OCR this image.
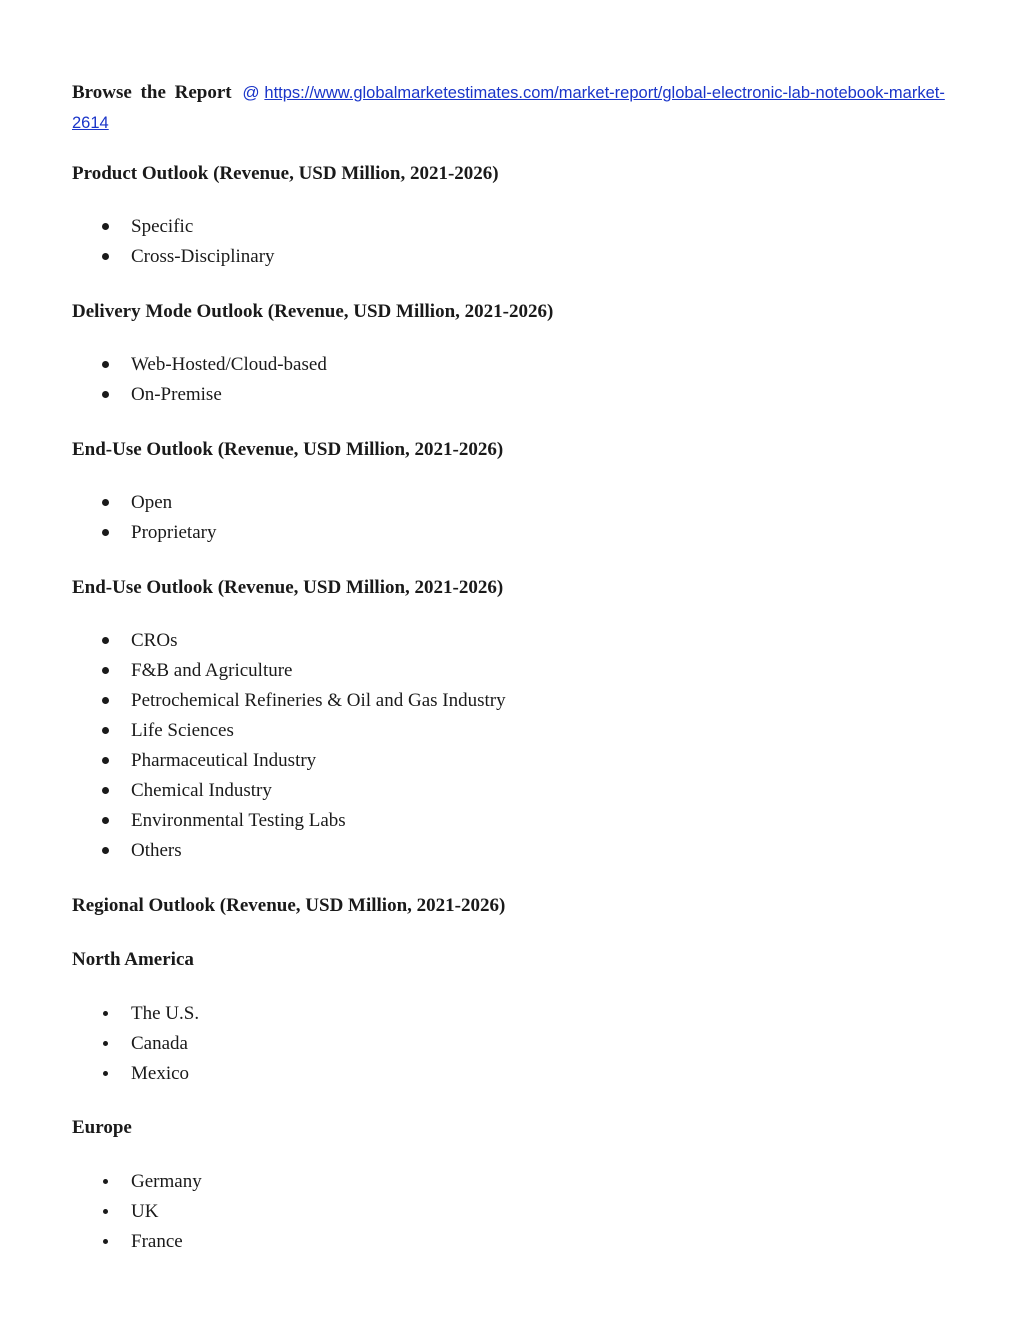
Browse the Report @ https://www.globalmarketestimates.com/market-report/global-electronic-lab-notebook-market-2614
Product Outlook (Revenue, USD Million, 2021-2026)
Specific
Cross-Disciplinary
Delivery Mode Outlook (Revenue, USD Million, 2021-2026)
Web-Hosted/Cloud-based
On-Premise
End-Use Outlook (Revenue, USD Million, 2021-2026)
Open
Proprietary
End-Use Outlook (Revenue, USD Million, 2021-2026)
CROs
F&B and Agriculture
Petrochemical Refineries & Oil and Gas Industry
Life Sciences
Pharmaceutical Industry
Chemical Industry
Environmental Testing Labs
Others
Regional Outlook (Revenue, USD Million, 2021-2026)
North America
The U.S.
Canada
Mexico
Europe
Germany
UK
France
